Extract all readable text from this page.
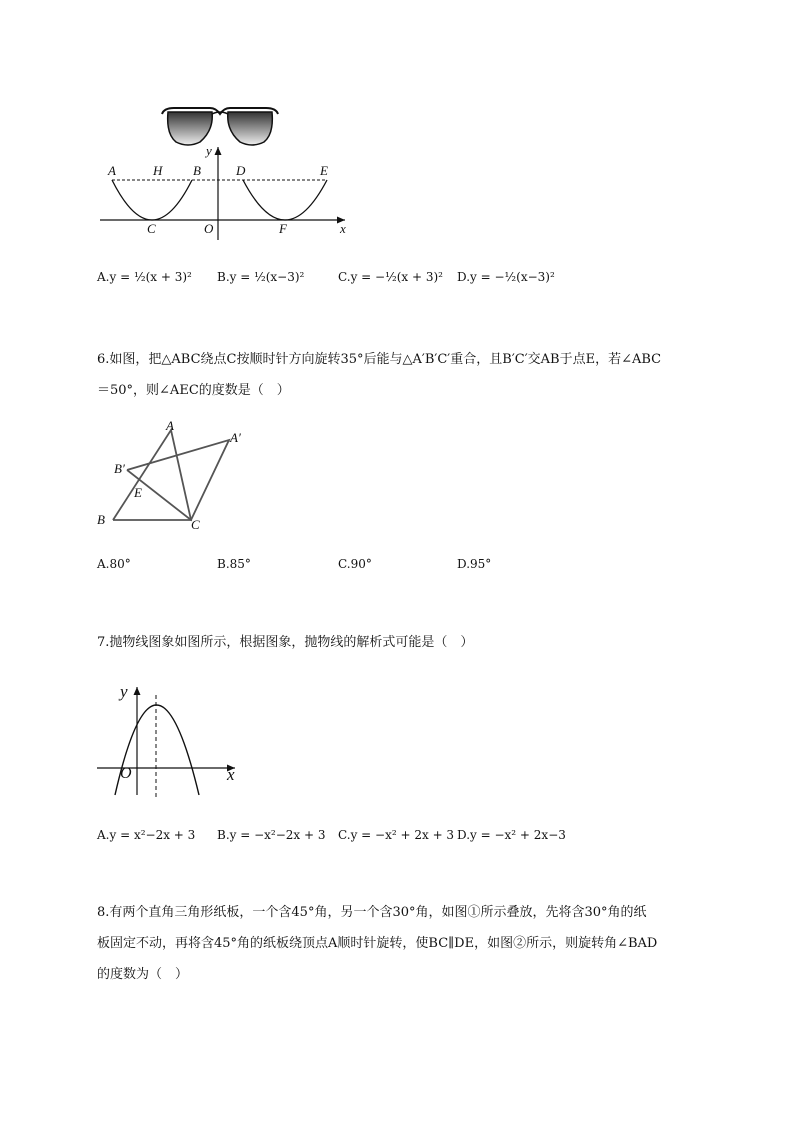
A	H B	D	E
y
C	O	F	x
A.y = ½(x + 3)² B.y = ½(x−3)²	C.y = −½(x + 3)² D.y = −½(x−3)²
6.如图，把△ABC绕点C按顺时针方向旋转35°后能与△A′B′C′重合，且B′C′交AB于点E，若∠ABC
＝50°，则∠AEC的度数是（　）
A
A′
B′
E
B	C
A.80°	B.85°	C.90°	D.95°
7.抛物线图象如图所示，根据图象，抛物线的解析式可能是（　）
y
O	x
A.y = x²−2x + 3 B.y = −x²−2x + 3 C.y = −x² + 2x + 3 D.y = −x² + 2x−3
8.有两个直角三角形纸板，一个含45°角，另一个含30°角，如图①所示叠放，先将含30°角的纸
板固定不动，再将含45°角的纸板绕顶点A顺时针旋转，使BC∥DE，如图②所示，则旋转角∠BAD
的度数为（　）
